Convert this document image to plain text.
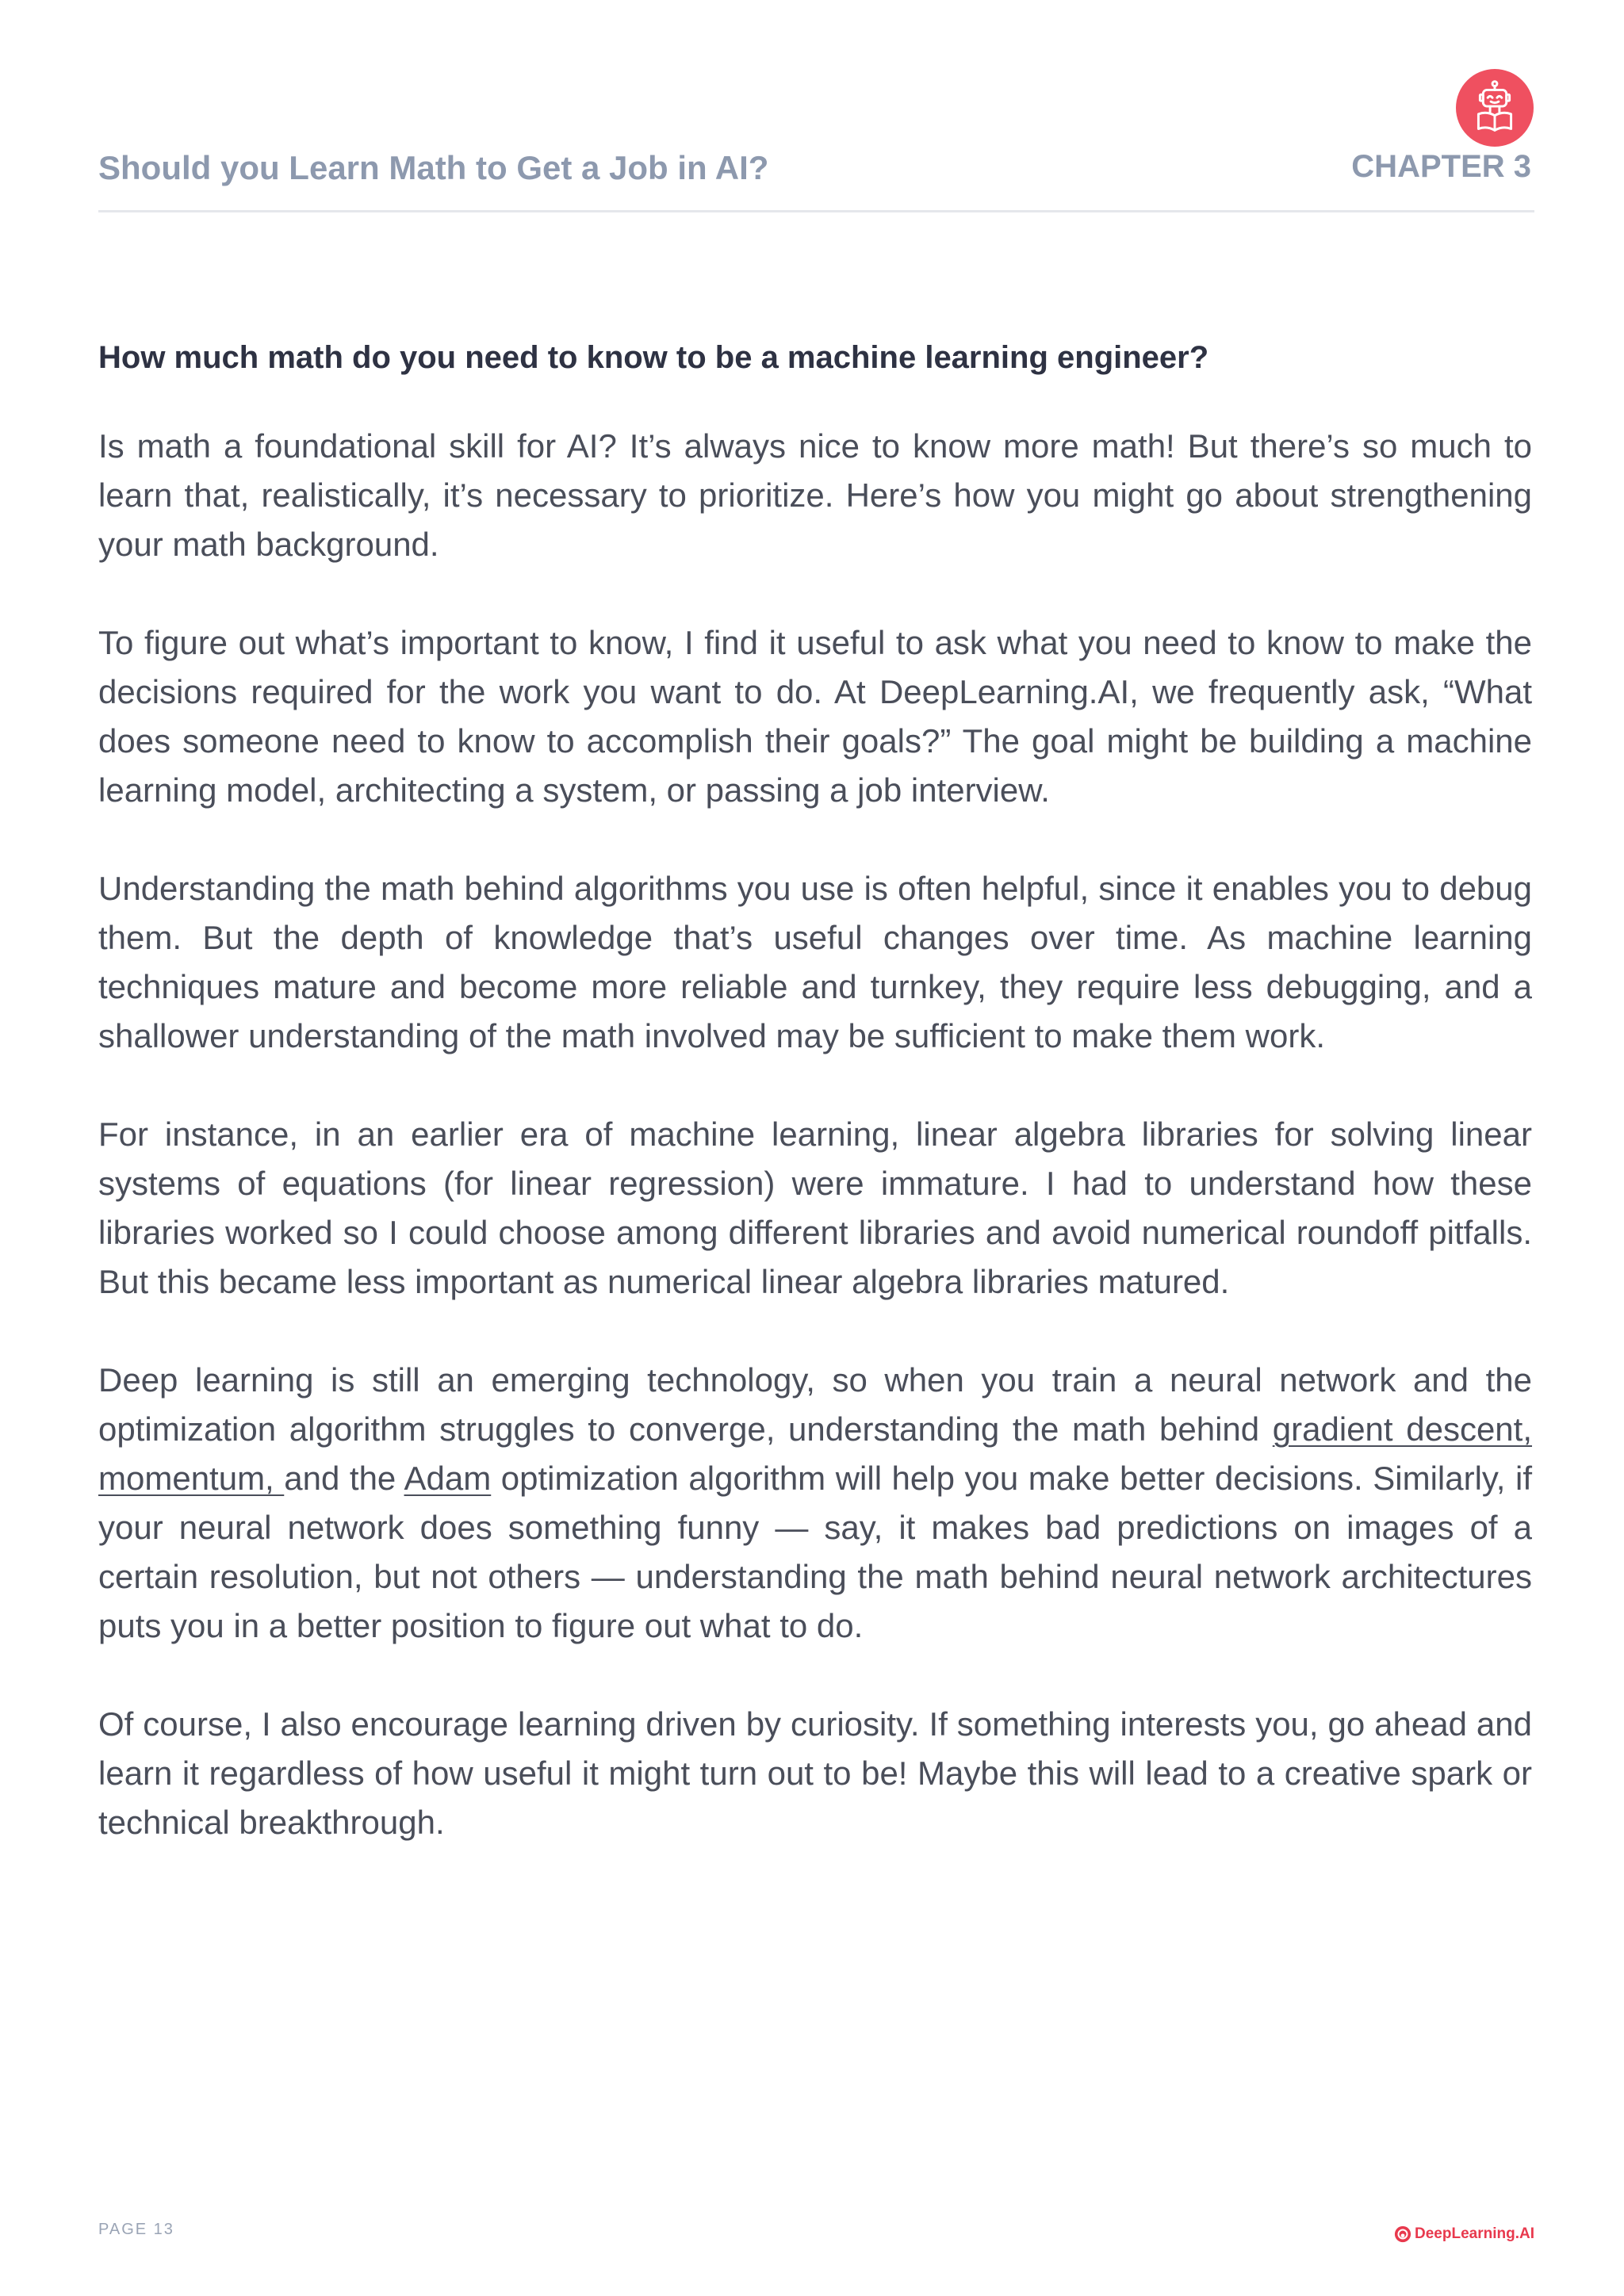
Should you Learn Math to Get a Job in AI?	CHAPTER 3
How much math do you need to know to be a machine learning engineer?

Is math a foundational skill for AI? It’s always nice to know more math! But there’s so much to learn that, realistically, it’s necessary to prioritize. Here’s how you might go about strengthening your math background.

To figure out what’s important to know, I find it useful to ask what you need to know to make the decisions required for the work you want to do. At DeepLearning.AI, we frequently ask, “What does someone need to know to accomplish their goals?” The goal might be building a machine learning model, architecting a system, or passing a job interview.

Understanding the math behind algorithms you use is often helpful, since it enables you to debug them. But the depth of knowledge that’s useful changes over time. As machine learning techniques mature and become more reliable and turnkey, they require less debugging, and a shallower understanding of the math involved may be sufficient to make them work.

For instance, in an earlier era of machine learning, linear algebra libraries for solving linear systems of equations (for linear regression) were immature. I had to understand how these libraries worked so I could choose among different libraries and avoid numerical roundoff pitfalls. But this became less important as numerical linear algebra libraries matured.

Deep learning is still an emerging technology, so when you train a neural network and the optimization algorithm struggles to converge, understanding the math behind gradient descent, momentum, and the Adam optimization algorithm will help you make better decisions. Similarly, if your neural network does something funny — say, it makes bad predictions on images of a certain resolution, but not others — understanding the math behind neural network architectures puts you in a better position to figure out what to do.

Of course, I also encourage learning driven by curiosity. If something interests you, go ahead and learn it regardless of how useful it might turn out to be! Maybe this will lead to a creative spark or technical breakthrough.

PAGE 13	DeepLearning.AI
